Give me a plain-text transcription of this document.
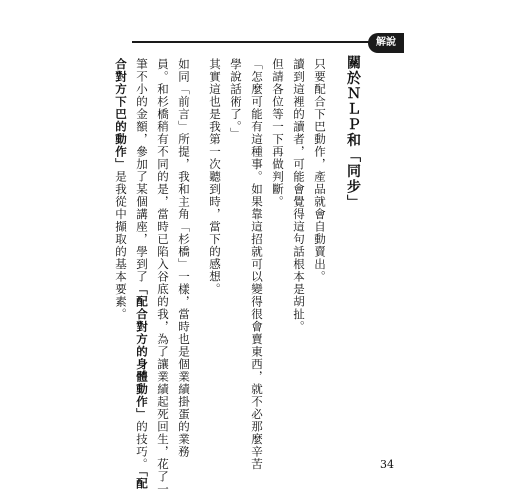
解說
關於ＮＬＰ和「同步」
只要配合下巴動作，產品就會自動賣出。
讀到這裡的讀者，可能會覺得這句話根本是胡扯。
但請各位等一下再做判斷。
「怎麼可能有這種事。如果靠這招就可以變得很會賣東西，就不必那麼辛苦
學說話術了。」
其實這也是我第一次聽到時，當下的感想。
如同「前言」所提，我和主角「杉橋」一樣，當時也是個業績掛蛋的業務
員。和杉橋稍有不同的是，當時已陷入谷底的我，為了讓業績起死回生，花了一
筆不小的金額，參加了某個講座，學到了「配合對方的身體動作」的技巧。「配
合對方下巴的動作」是我從中擷取的基本要素。
34
